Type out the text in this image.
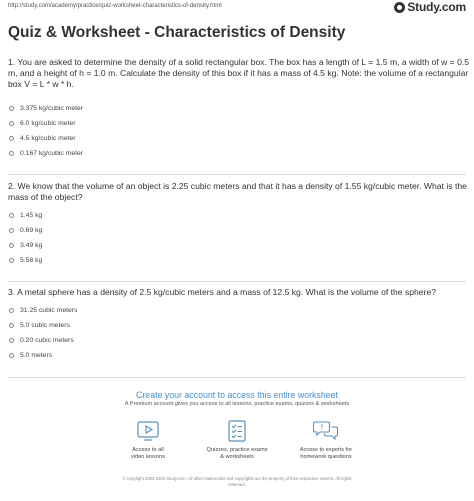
http://study.com/academy/practice/quiz-worksheet-characteristics-of-density.html	Study.com
Quiz & Worksheet - Characteristics of Density

1. You are asked to determine the density of a solid rectangular box. The box has a length of L = 1.5 m, a width of w = 0.5 m, and a height of h = 1.0 m. Calculate the density of this box if it has a mass of 4.5 kg. Note: the volume of a rectangular box V = L * w * h.

3.375 kg/cubic meter
6.0 kg/cubic meter
4.5 kg/cubic meter
0.167 kg/cubic meter

2. We know that the volume of an object is 2.25 cubic meters and that it has a density of 1.55 kg/cubic meter. What is the mass of the object?

1.45 kg
0.69 kg
3.49 kg
5.58 kg

3. A metal sphere has a density of 2.5 kg/cubic meters and a mass of 12.5 kg. What is the volume of the sphere?

31.25 cubic meters
5.0 cubic meters
0.20 cubic meters
5.0 meters
Create your account to access this entire worksheet
A Premium account gives you access to all lessons, practice exams, quizzes & worksheets
Access to all
video lessons
Quizzes, practice exams
& worksheets
?
Access to experts for
homework questions
© copyright 2003-2020 Study.com. All other trademarks and copyrights are the property of their respective owners. All rights
reserved.
